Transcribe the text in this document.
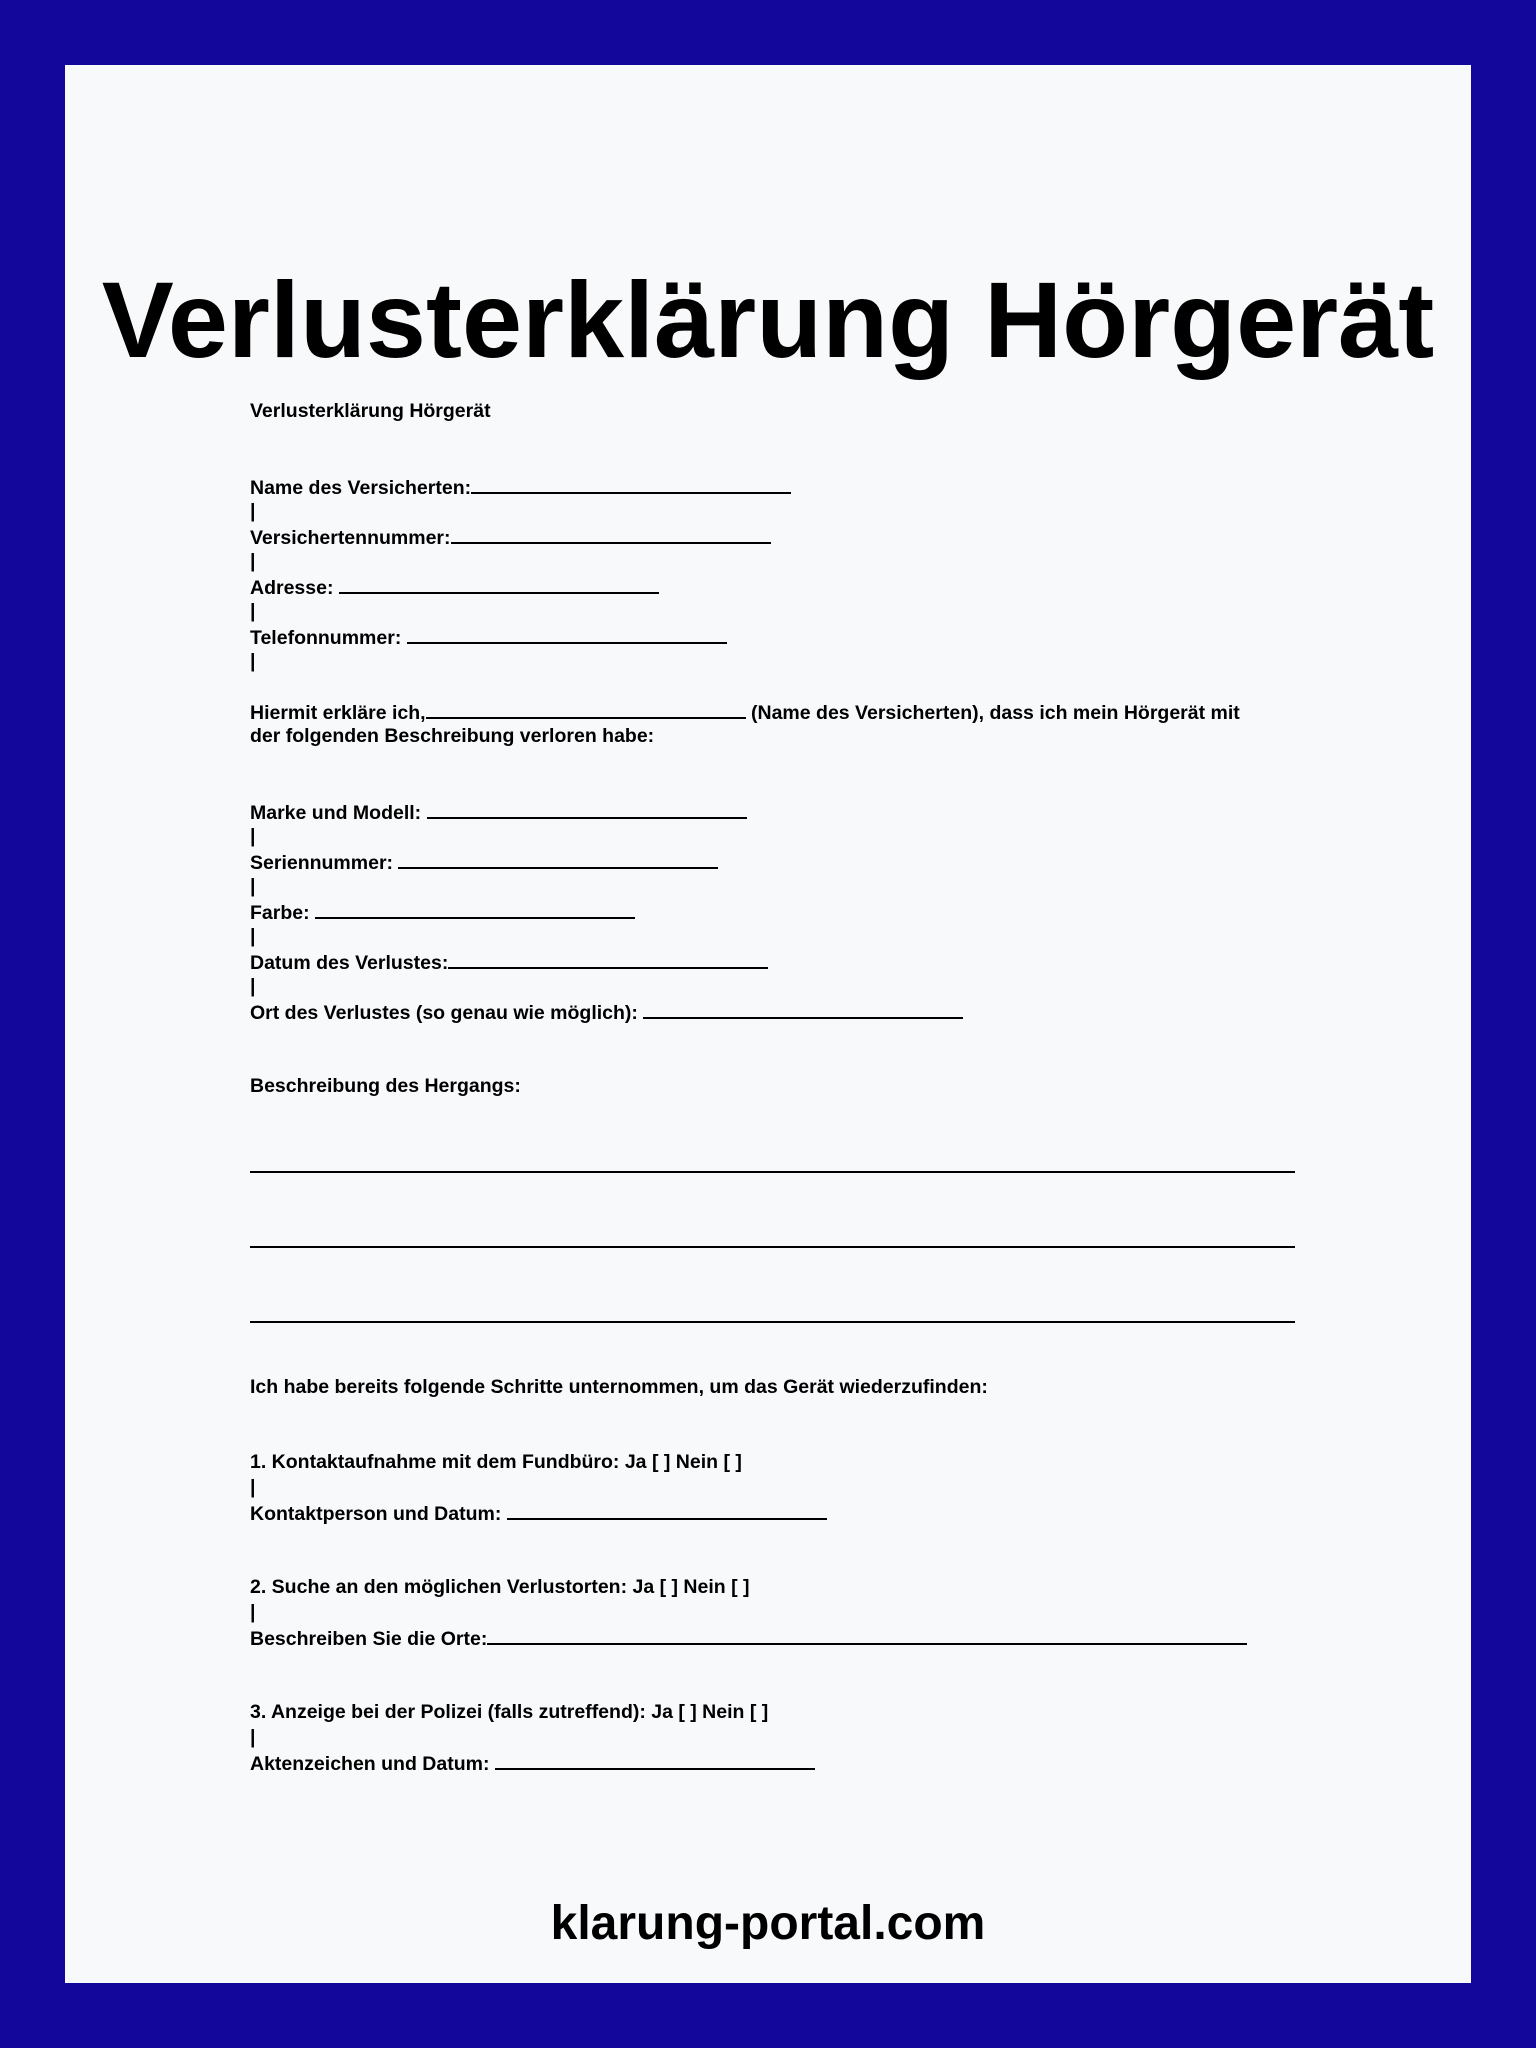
Verlusterklärung Hörgerät
Verlusterklärung Hörgerät
Name des Versicherten:
|
Versichertennummer:
|
Adresse:
|
Telefonnummer:
|
Hiermit erkläre ich,	(Name des Versicherten), dass ich mein Hörgerät mit
der folgenden Beschreibung verloren habe:
Marke und Modell:
|
Seriennummer:
|
Farbe:
|
Datum des Verlustes:
|
Ort des Verlustes (so genau wie möglich):
Beschreibung des Hergangs:
Ich habe bereits folgende Schritte unternommen, um das Gerät wiederzufinden:
1. Kontaktaufnahme mit dem Fundbüro: Ja [ ] Nein [ ]
|
Kontaktperson und Datum:
2. Suche an den möglichen Verlustorten: Ja [ ] Nein [ ]
|
Beschreiben Sie die Orte:
3. Anzeige bei der Polizei (falls zutreffend): Ja [ ] Nein [ ]
|
Aktenzeichen und Datum:
klarung-portal.com
